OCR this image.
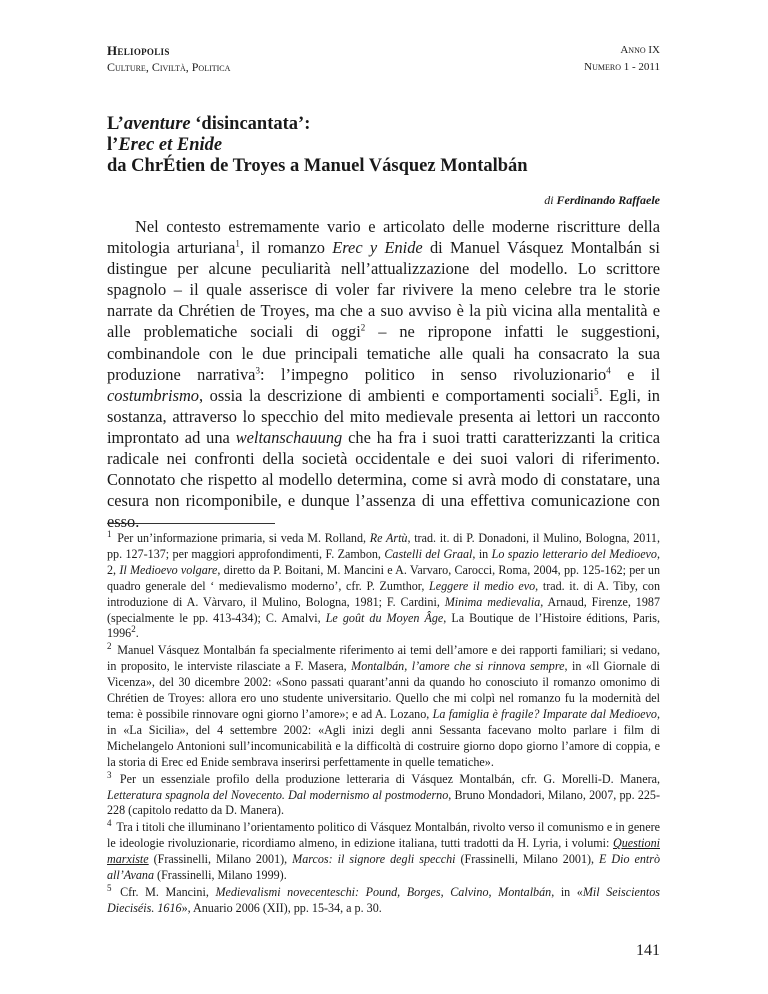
Heliopolis
Culture, Civiltà, Politica
Anno IX
Numero 1 - 2011
L’aventure ‘disincantata’:
l’Erec et Enide
da ChrÉtien de Troyes a Manuel Vásquez Montalbán
di Ferdinando Raffaele

Nel contesto estremamente vario e articolato delle moderne riscritture della mitologia arturiana$^1$, il romanzo Erec y Enide di Manuel Vásquez Montalbán si distingue per alcune peculiarità nell’attualizzazione del modello. Lo scrittore spagnolo – il quale asserisce di voler far rivivere la meno celebre tra le storie narrate da Chrétien de Troyes, ma che a suo avviso è la più vicina alla mentalità e alle problematiche sociali di oggi$^2$ – ne ripropone infatti le suggestioni, combinandole con le due principali tematiche alle quali ha consacrato la sua produzione narrativa$^3$: l’impegno politico in senso rivoluzionario$^4$ e il costumbrismo, ossia la descrizione di ambienti e comportamenti sociali$^5$. Egli, in sostanza, attraverso lo specchio del mito medievale presenta ai lettori un racconto improntato ad una weltanschauung che ha fra i suoi tratti caratterizzanti la critica radicale nei confronti della società occidentale e dei suoi valori di riferimento. Connotato che rispetto al modello determina, come si avrà modo di constatare, una cesura non ricomponibile, e dunque l’assenza di una effettiva comunicazione con esso.

$^1$ Per un’informazione primaria, si veda M. Rolland, Re Artù, trad. it. di P. Donadoni, il Mulino, Bologna, 2011, pp. 127-137; per maggiori approfondimenti, F. Zambon, Castelli del Graal, in Lo spazio letterario del Medioevo, 2, Il Medioevo volgare, diretto da P. Boitani, M. Mancini e A. Varvaro, Carocci, Roma, 2004, pp. 125-162; per un quadro generale del ‘ medievalismo moderno’, cfr. P. Zumthor, Leggere il medio evo, trad. it. di A. Tiby, con introduzione di A. Vàrvaro, il Mulino, Bologna, 1981; F. Cardini, Minima medievalia, Arnaud, Firenze, 1987 (specialmente le pp. 413-434); C. Amalvi, Le goût du Moyen Âge, La Boutique de l’Histoire éditions, Paris, 1996$^2$.
$^2$ Manuel Vásquez Montalbán fa specialmente riferimento ai temi dell’amore e dei rapporti familiari; si vedano, in proposito, le interviste rilasciate a F. Masera, Montalbán, l’amore che si rinnova sempre, in «Il Giornale di Vicenza», del 30 dicembre 2002: «Sono passati quarant’anni da quando ho conosciuto il romanzo omonimo di Chrétien de Troyes: allora ero uno studente universitario. Quello che mi colpì nel romanzo fu la modernità del tema: è possibile rinnovare ogni giorno l’amore»; e ad A. Lozano, La famiglia è fragile? Imparate dal Medioevo, in «La Sicilia», del 4 settembre 2002: «Agli inizi degli anni Sessanta facevano molto parlare i film di Michelangelo Antonioni sull’incomunicabilità e la difficoltà di costruire giorno dopo giorno l’amore di coppia, e la storia di Erec ed Enide sembrava inserirsi perfettamente in quelle tematiche».
$^3$ Per un essenziale profilo della produzione letteraria di Vásquez Montalbán, cfr. G. Morelli-D. Manera, Letteratura spagnola del Novecento. Dal modernismo al postmoderno, Bruno Mondadori, Milano, 2007, pp. 225-228 (capitolo redatto da D. Manera).
$^4$ Tra i titoli che illuminano l’orientamento politico di Vásquez Montalbán, rivolto verso il comunismo e in genere le ideologie rivoluzionarie, ricordiamo almeno, in edizione italiana, tutti tradotti da H. Lyria, i volumi: Questioni marxiste (Frassinelli, Milano 2001), Marcos: il signore degli specchi (Frassinelli, Milano 2001), E Dio entrò all’Avana (Frassinelli, Milano 1999).
$^5$ Cfr. M. Mancini, Medievalismi novecenteschi: Pound, Borges, Calvino, Montalbán, in «Mil Seiscientos Dieciséis. 1616», Anuario 2006 (XII), pp. 15-34, a p. 30.
141
